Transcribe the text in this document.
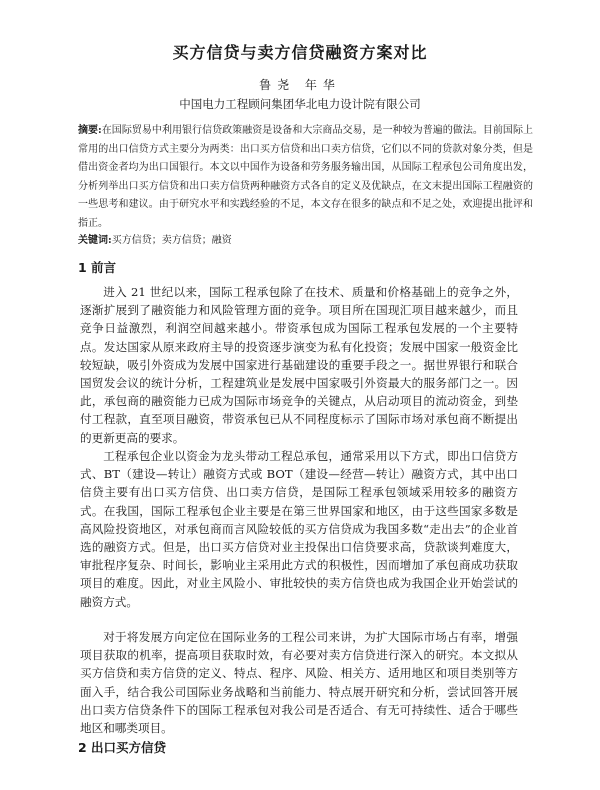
买方信贷与卖方信贷融资方案对比
鲁尧 年华
中国电力工程顾问集团华北电力设计院有限公司

摘要:在国际贸易中利用银行信贷政策融资是设备和大宗商品交易，是一种较为普遍的做法。目前国际上常用的出口信贷方式主要分为两类：出口买方信贷和出口卖方信贷，它们以不同的贷款对象分类，但是借出资金者均为出口国银行。本文以中国作为设备和劳务服务输出国，从国际工程承包公司角度出发，分析列举出口买方信贷和出口卖方信贷两种融资方式各自的定义及优缺点，在文末提出国际工程融资的一些思考和建议。由于研究水平和实践经验的不足，本文存在很多的缺点和不足之处，欢迎提出批评和指正。

关键词:买方信贷；卖方信贷；融资

1 前言

进入 21 世纪以来，国际工程承包除了在技术、质量和价格基础上的竞争之外，逐渐扩展到了融资能力和风险管理方面的竞争。项目所在国现汇项目越来越少，而且竞争日益激烈，利润空间越来越小。带资承包成为国际工程承包发展的一个主要特点。发达国家从原来政府主导的投资逐步演变为私有化投资；发展中国家一般资金比较短缺，吸引外资成为发展中国家进行基础建设的重要手段之一。据世界银行和联合国贸发会议的统计分析，工程建筑业是发展中国家吸引外资最大的服务部门之一。因此，承包商的融资能力已成为国际市场竞争的关键点，从启动项目的流动资金，到垫付工程款，直至项目融资，带资承包已从不同程度标示了国际市场对承包商不断提出的更新更高的要求。

工程承包企业以资金为龙头带动工程总承包，通常采用以下方式，即出口信贷方式、BT（建设—转让）融资方式或 BOT（建设—经营—转让）融资方式，其中出口信贷主要有出口买方信贷、出口卖方信贷，是国际工程承包领域采用较多的融资方式。在我国，国际工程承包企业主要是在第三世界国家和地区，由于这些国家多数是高风险投资地区，对承包商而言风险较低的买方信贷成为我国多数“走出去”的企业首选的融资方式。但是，出口买方信贷对业主投保出口信贷要求高，贷款谈判难度大，审批程序复杂、时间长，影响业主采用此方式的积极性，因而增加了承包商成功获取项目的难度。因此，对业主风险小、审批较快的卖方信贷也成为我国企业开始尝试的融资方式。

对于将发展方向定位在国际业务的工程公司来讲，为扩大国际市场占有率，增强项目获取的机率，提高项目获取时效，有必要对卖方信贷进行深入的研究。本文拟从买方信贷和卖方信贷的定义、特点、程序、风险、相关方、适用地区和项目类别等方面入手，结合我公司国际业务战略和当前能力、特点展开研究和分析，尝试回答开展出口卖方信贷条件下的国际工程承包对我公司是否适合、有无可持续性、适合于哪些地区和哪类项目。

2 出口买方信贷
